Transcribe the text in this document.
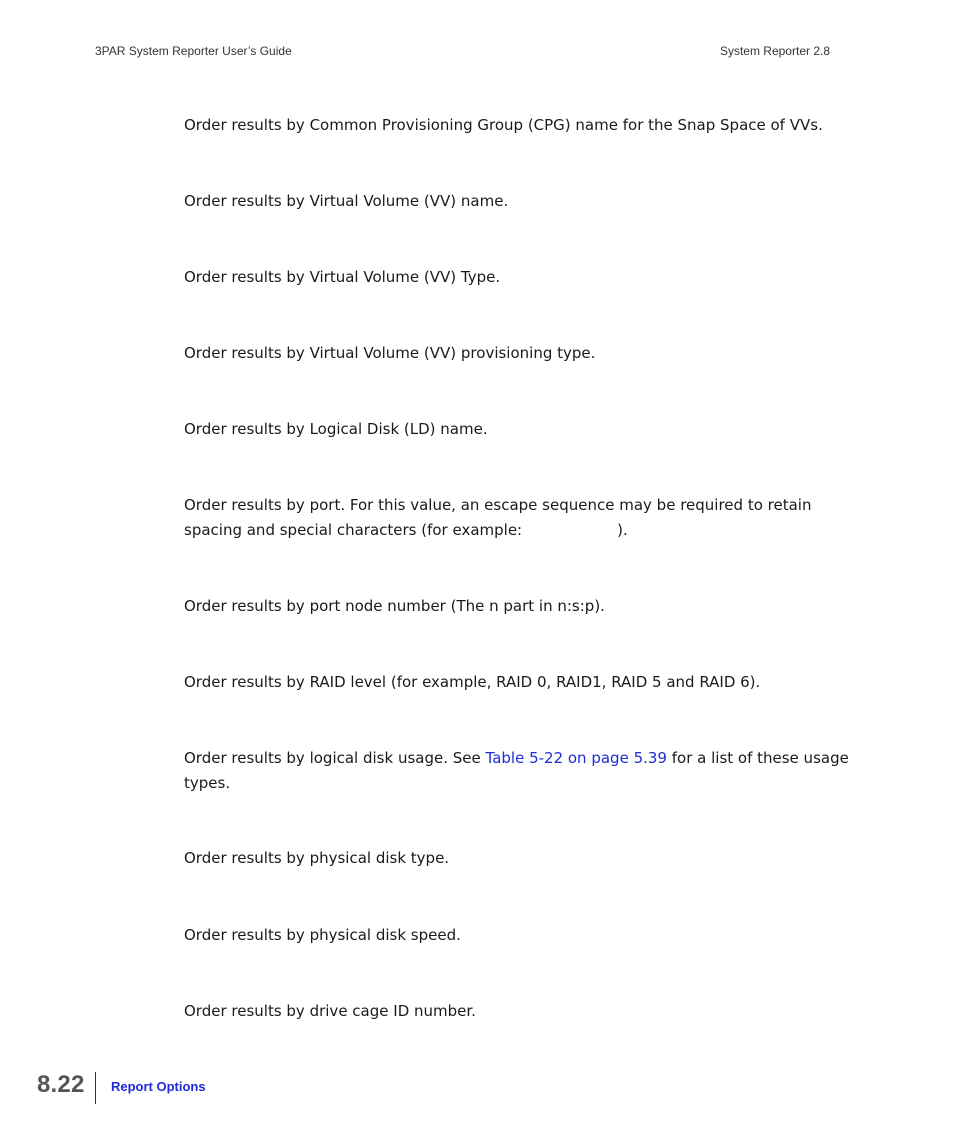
3PAR System Reporter User’s Guide	System Reporter 2.8

Order results by Common Provisioning Group (CPG) name for the Snap Space of VVs.

Order results by Virtual Volume (VV) name.

Order results by Virtual Volume (VV) Type.

Order results by Virtual Volume (VV) provisioning type.

Order results by Logical Disk (LD) name.

Order results by port. For this value, an escape sequence may be required to retain spacing and special characters (for example:	).

Order results by port node number (The n part in n:s:p).

Order results by RAID level (for example, RAID 0, RAID1, RAID 5 and RAID 6).

Order results by logical disk usage. See Table 5-22 on page 5.39 for a list of these usage types.

Order results by physical disk type.

Order results by physical disk speed.

Order results by drive cage ID number.

8.22 Report Options
